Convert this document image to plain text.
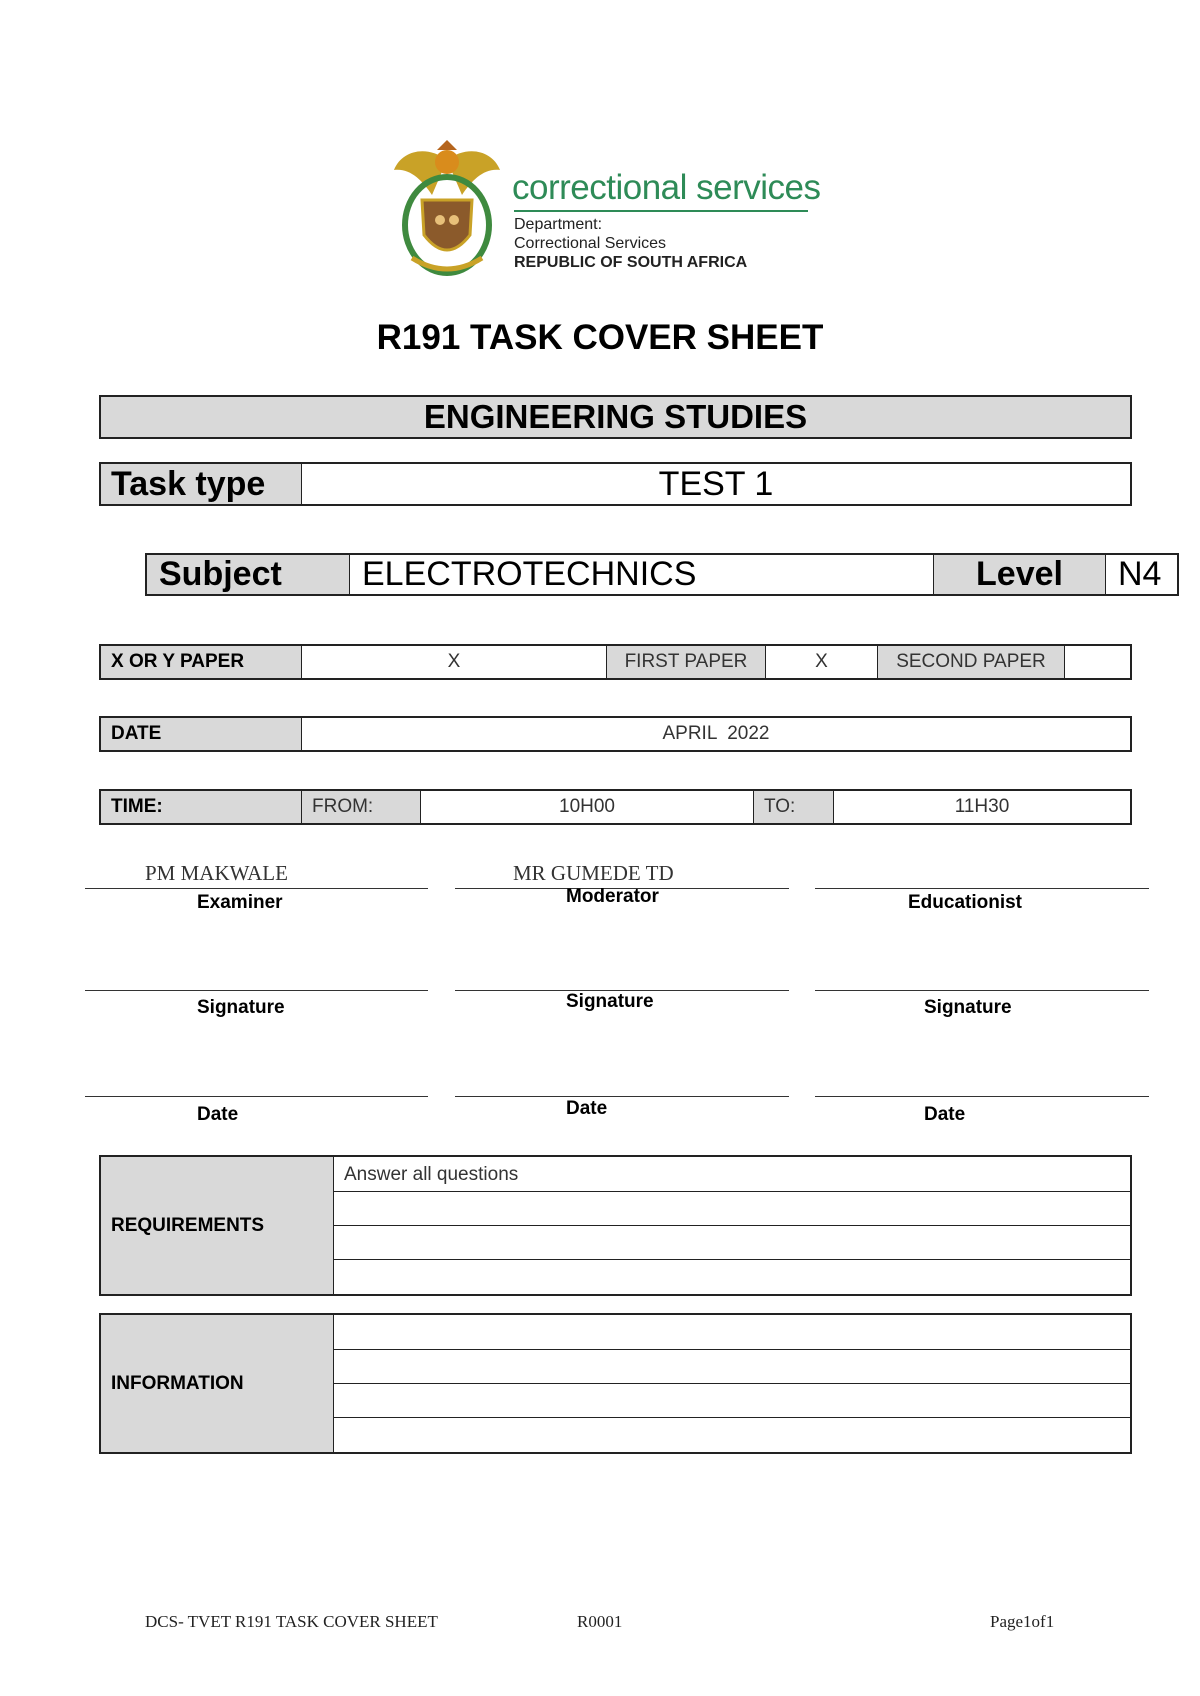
correctional services
Department:
Correctional Services
REPUBLIC OF SOUTH AFRICA
R191 TASK COVER SHEET
ENGINEERING STUDIES
Task type	TEST 1
Subject ELECTROTECHNICS	Level N4
X OR Y PAPER	X	FIRST PAPER	X	SECOND PAPER
DATE	APRIL  2022
TIME:	FROM:	10H00	TO:	11H30
PM MAKWALE	MR GUMEDE TD
Examiner	Moderator	Educationist
Signature	Signature	Signature
Date	Date	Date
REQUIREMENTS
Answer all questions
INFORMATION
DCS- TVET R191 TASK COVER SHEET	R0001	Page1of1
